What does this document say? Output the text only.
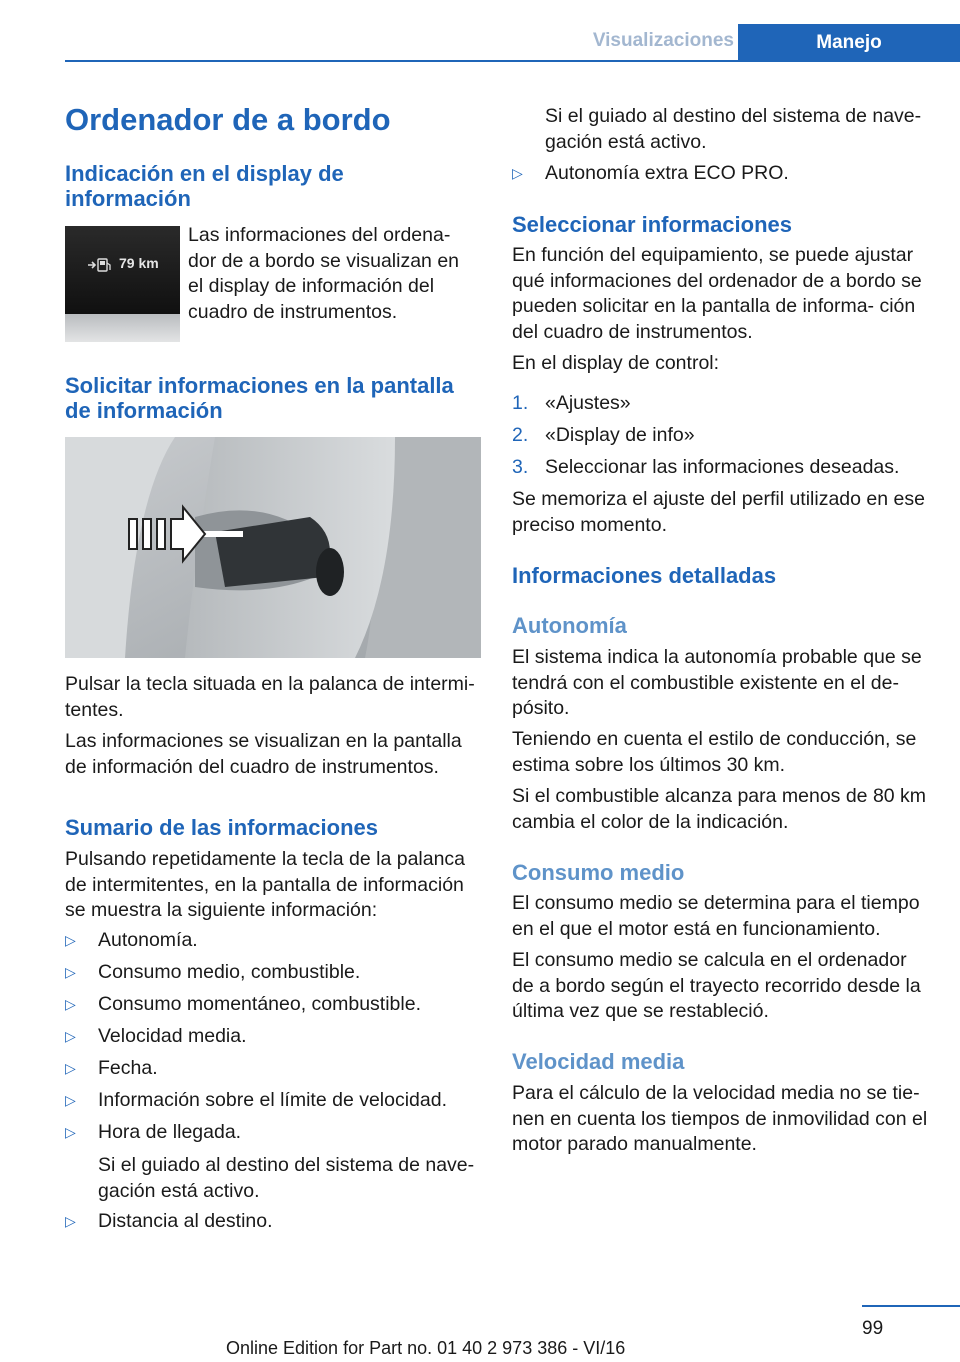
Visualizaciones	Manejo
Ordenador de a bordo
Indicación en el display de información
79 km

Las informaciones del ordena‐

dor de a bordo se visualizan en

el display de información del

cuadro de instrumentos.

Solicitar informaciones en la pantalla de información

Pulsar la tecla situada en la palanca de intermi‐ tentes.

Las informaciones se visualizan en la pantalla de información del cuadro de instrumentos.

Sumario de las informaciones

Pulsando repetidamente la tecla de la palanca de intermitentes, en la pantalla de información se muestra la siguiente información:

▷ Autonomía.
▷ Consumo medio, combustible.
▷ Consumo momentáneo, combustible.
▷ Velocidad media.
▷ Fecha.
▷ Información sobre el límite de velocidad.
▷ Hora de llegada.
Si el guiado al destino del sistema de nave‐ gación está activo.
▷ Distancia al destino.
Si el guiado al destino del sistema de nave‐ gación está activo.
▷ Autonomía extra ECO PRO.
Seleccionar informaciones

En función del equipamiento, se puede ajustar qué informaciones del ordenador de a bordo se pueden solicitar en la pantalla de informa‐ ción del cuadro de instrumentos.

En el display de control:

1. «Ajustes»
2. «Display de info»
3. Seleccionar las informaciones deseadas.

Se memoriza el ajuste del perfil utilizado en ese preciso momento.

Informaciones detalladas
Autonomía

El sistema indica la autonomía probable que se tendrá con el combustible existente en el de‐ pósito.

Teniendo en cuenta el estilo de conducción, se estima sobre los últimos 30 km.

Si el combustible alcanza para menos de 80 km cambia el color de la indicación.

Consumo medio

El consumo medio se determina para el tiempo en el que el motor está en funcionamiento.

El consumo medio se calcula en el ordenador de a bordo según el trayecto recorrido desde la última vez que se restableció.

Velocidad media

Para el cálculo de la velocidad media no se tie‐ nen en cuenta los tiempos de inmovilidad con el motor parado manualmente.

99
Online Edition for Part no. 01 40 2 973 386 - VI/16
